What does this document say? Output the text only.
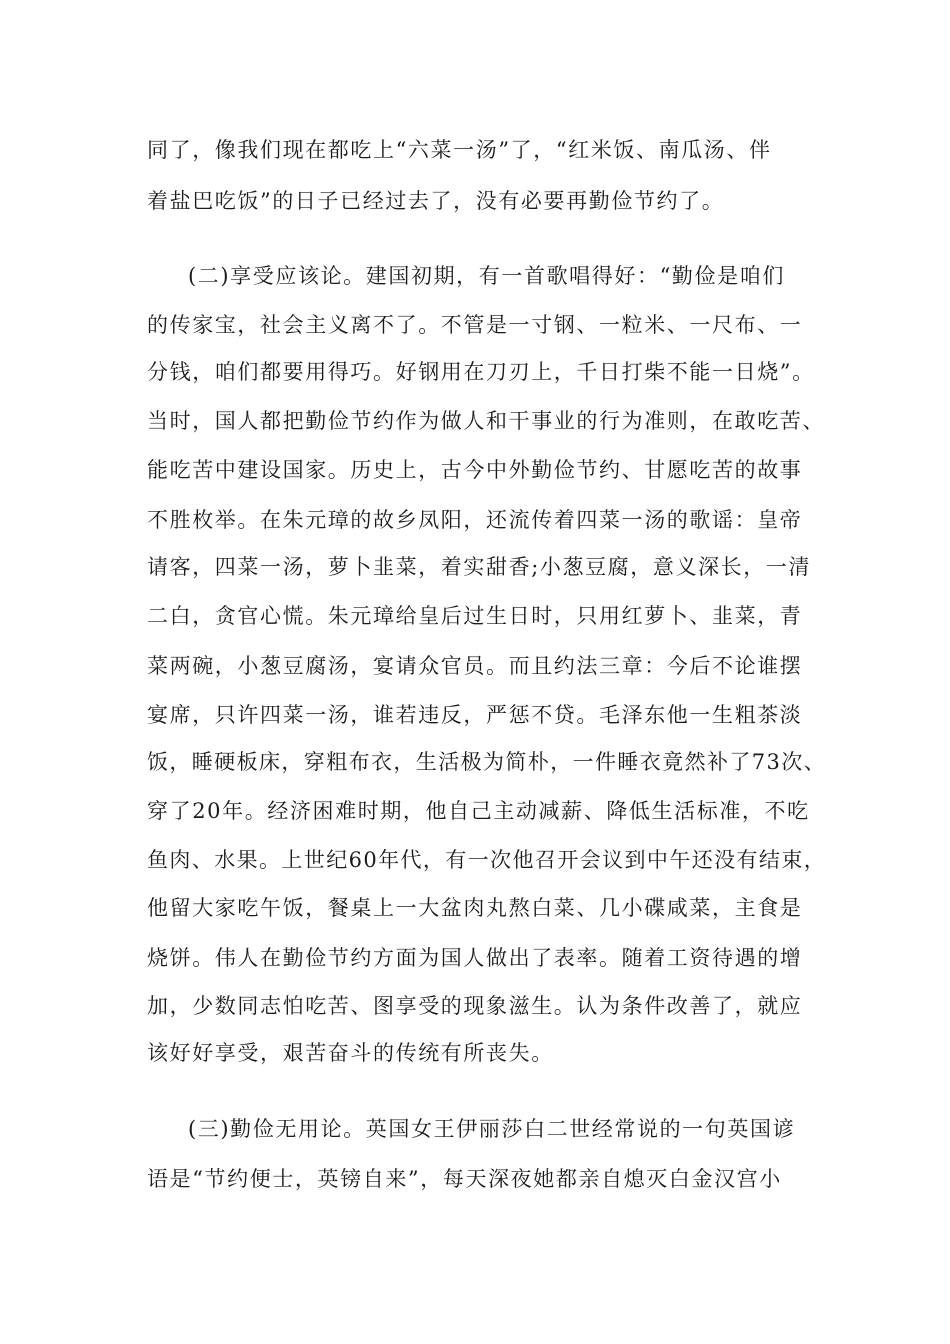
同了，像我们现在都吃上“六菜一汤”了，“红米饭、南瓜汤、伴
着盐巴吃饭”的日子已经过去了，没有必要再勤俭节约了。
(二)享受应该论。建国初期，有一首歌唱得好：“勤俭是咱们
的传家宝，社会主义离不了。不管是一寸钢、一粒米、一尺布、一
分钱，咱们都要用得巧。好钢用在刀刃上，千日打柴不能一日烧”。
当时，国人都把勤俭节约作为做人和干事业的行为准则，在敢吃苦、
能吃苦中建设国家。历史上，古今中外勤俭节约、甘愿吃苦的故事
不胜枚举。在朱元璋的故乡凤阳，还流传着四菜一汤的歌谣：皇帝
请客，四菜一汤，萝卜韭菜，着实甜香;小葱豆腐，意义深长，一清
二白，贪官心慌。朱元璋给皇后过生日时，只用红萝卜、韭菜，青
菜两碗，小葱豆腐汤，宴请众官员。而且约法三章：今后不论谁摆
宴席，只许四菜一汤，谁若违反，严惩不贷。毛泽东他一生粗茶淡
饭，睡硬板床，穿粗布衣，生活极为简朴，一件睡衣竟然补了73次、
穿了20年。经济困难时期，他自己主动减薪、降低生活标准，不吃
鱼肉、水果。上世纪60年代，有一次他召开会议到中午还没有结束，
他留大家吃午饭，餐桌上一大盆肉丸熬白菜、几小碟咸菜，主食是
烧饼。伟人在勤俭节约方面为国人做出了表率。随着工资待遇的增
加，少数同志怕吃苦、图享受的现象滋生。认为条件改善了，就应
该好好享受，艰苦奋斗的传统有所丧失。
(三)勤俭无用论。英国女王伊丽莎白二世经常说的一句英国谚
语是“节约便士，英镑自来”，每天深夜她都亲自熄灭白金汉宫小
